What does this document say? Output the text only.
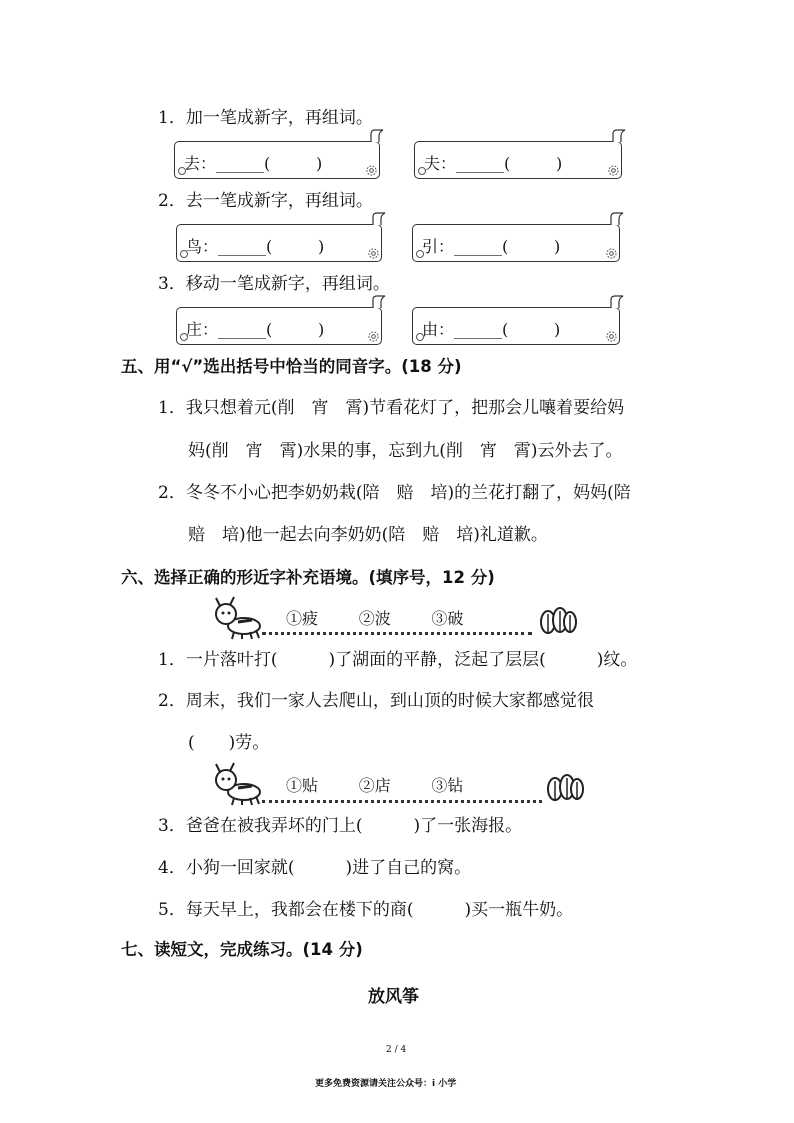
1．加一笔成新字，再组词。
去：______(         )	夫：______(         )
2．去一笔成新字，再组词。
鸟：______(         )	引：______(         )
3．移动一笔成新字，再组词。
庄：______(         )	由：______(         )
五、用“√”选出括号中恰当的同音字。(18 分)
1．我只想着元(削　宵　霄)节看花灯了，把那会儿嚷着要给妈
妈(削　宵　霄)水果的事，忘到九(削　宵　霄)云外去了。
2．冬冬不小心把李奶奶栽(陪　赔　培)的兰花打翻了，妈妈(陪
赔　培)他一起去向李奶奶(陪　赔　培)礼道歉。
六、选择正确的形近字补充语境。(填序号，12 分)
①疲        ②波        ③破
1．一片落叶打(　　　)了湖面的平静，泛起了层层(　　　)纹。
2．周末，我们一家人去爬山，到山顶的时候大家都感觉很
(　　)劳。
①贴        ②店        ③钻
3．爸爸在被我弄坏的门上(　　　)了一张海报。
4．小狗一回家就(　　　)进了自己的窝。
5．每天早上，我都会在楼下的商(　　　)买一瓶牛奶。
七、读短文，完成练习。(14 分)
放风筝
2 / 4
更多免费资源请关注公众号：i 小学
